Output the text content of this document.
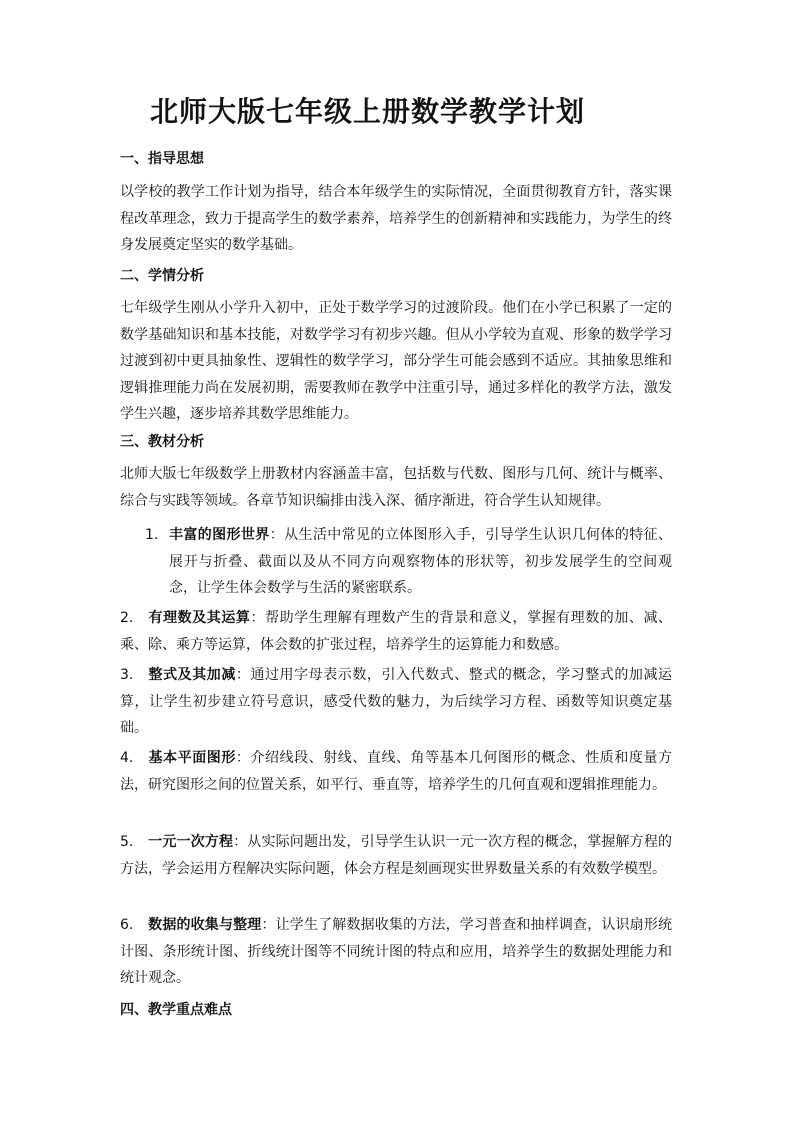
北师大版七年级上册数学教学计划
一、指导思想
以学校的教学工作计划为指导，结合本年级学生的实际情况，全面贯彻教育方针，落实课程改革理念，致力于提高学生的数学素养，培养学生的创新精神和实践能力，为学生的终身发展奠定坚实的数学基础。
二、学情分析
七年级学生刚从小学升入初中，正处于数学学习的过渡阶段。他们在小学已积累了一定的数学基础知识和基本技能，对数学学习有初步兴趣。但从小学较为直观、形象的数学学习过渡到初中更具抽象性、逻辑性的数学学习，部分学生可能会感到不适应。其抽象思维和逻辑推理能力尚在发展初期，需要教师在教学中注重引导，通过多样化的教学方法，激发学生兴趣，逐步培养其数学思维能力。
三、教材分析
北师大版七年级数学上册教材内容涵盖丰富，包括数与代数、图形与几何、统计与概率、综合与实践等领域。各章节知识编排由浅入深、循序渐进，符合学生认知规律。
1. 丰富的图形世界：从生活中常见的立体图形入手，引导学生认识几何体的特征、展开与折叠、截面以及从不同方向观察物体的形状等，初步发展学生的空间观念，让学生体会数学与生活的紧密联系。
2. 有理数及其运算：帮助学生理解有理数产生的背景和意义，掌握有理数的加、减、乘、除、乘方等运算，体会数的扩张过程，培养学生的运算能力和数感。
3. 整式及其加减：通过用字母表示数，引入代数式、整式的概念，学习整式的加减运算，让学生初步建立符号意识，感受代数的魅力，为后续学习方程、函数等知识奠定基础。
4. 基本平面图形：介绍线段、射线、直线、角等基本几何图形的概念、性质和度量方法，研究图形之间的位置关系，如平行、垂直等，培养学生的几何直观和逻辑推理能力。
5. 一元一次方程：从实际问题出发，引导学生认识一元一次方程的概念，掌握解方程的方法，学会运用方程解决实际问题，体会方程是刻画现实世界数量关系的有效数学模型。
6. 数据的收集与整理：让学生了解数据收集的方法，学习普查和抽样调查，认识扇形统计图、条形统计图、折线统计图等不同统计图的特点和应用，培养学生的数据处理能力和统计观念。
四、教学重点难点
